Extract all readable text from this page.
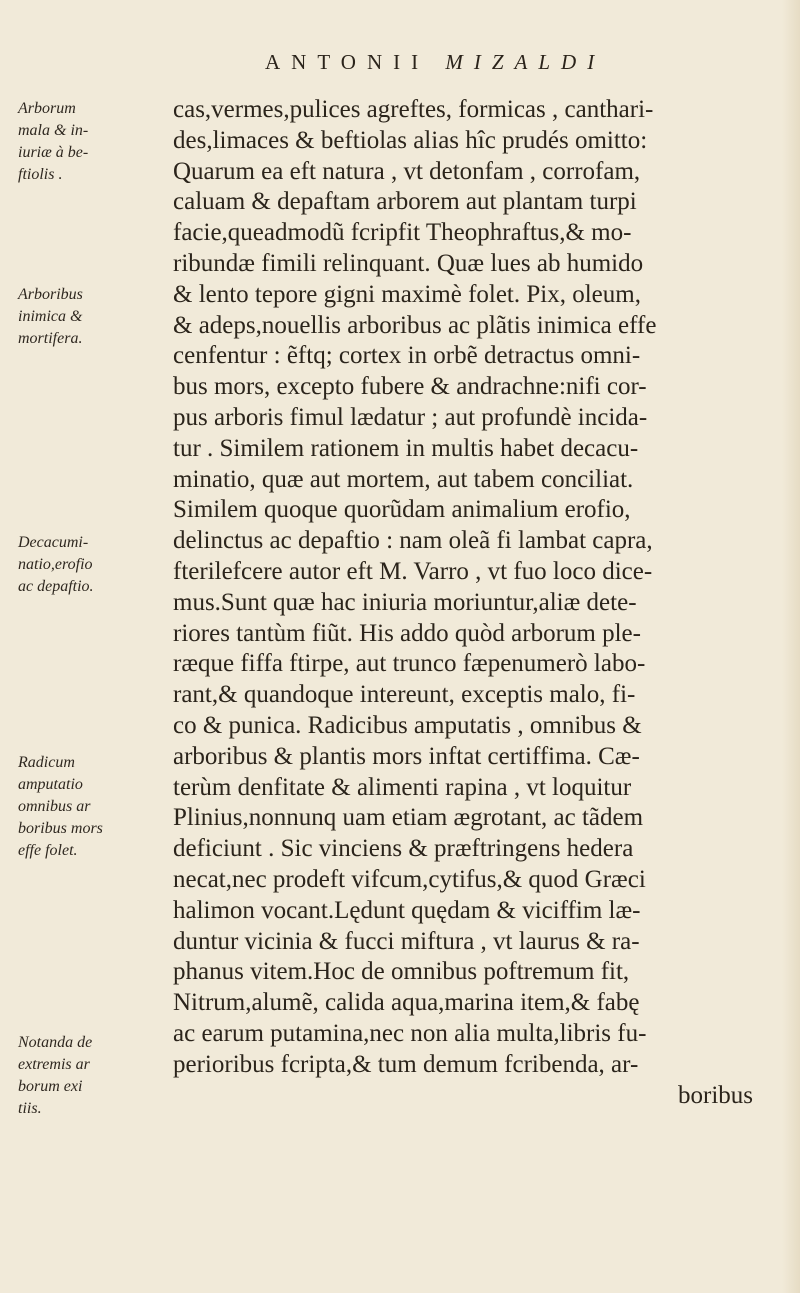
ANTONII MIZALDI
Arborum
mala & in-
iuriæ à be-
ftiolis .
Arboribus
inimica &
mortifera.
Decacumi-
natio,erofio
ac depaftio.
Radicum
amputatio
omnibus ar
boribus mors
effe folet.
Notanda de
extremis ar
borum exi
tiis.
cas,vermes,pulices agreftes, formicas , canthari-
des,limaces & beftiolas alias hîc prudés omitto:
Quarum ea eft natura , vt detonfam , corrofam,
caluam & depaftam arborem aut plantam turpi
facie,queadmodũ fcripfit Theophraftus,& mo-
ribundæ fimili relinquant. Quæ lues ab humido
& lento tepore gigni maximè folet. Pix, oleum,
& adeps,nouellis arboribus ac plãtis inimica effe
cenfentur : ẽftq; cortex in orbẽ detractus omni-
bus mors, excepto fubere & andrachne:nifi cor-
pus arboris fimul lædatur ; aut profundè incida-
tur . Similem rationem in multis habet decacu-
minatio, quæ aut mortem, aut tabem conciliat.
Similem quoque quorũdam animalium erofio,
delinctus ac depaftio : nam oleã fi lambat capra,
fterilefcere autor eft M. Varro , vt fuo loco dice-
mus.Sunt quæ hac iniuria moriuntur,aliæ dete-
riores tantùm fiũt. His addo quòd arborum ple-
ræque fiffa ftirpe, aut trunco fæpenumerò labo-
rant,& quandoque intereunt, exceptis malo, fi-
co & punica. Radicibus amputatis , omnibus &
arboribus & plantis mors inftat certiffima. Cæ-
terùm denfitate & alimenti rapina , vt loquitur
Plinius,nonnunq uam etiam ægrotant, ac tãdem
deficiunt . Sic vinciens & præftringens hedera
necat,nec prodeft vifcum,cytifus,& quod Græci
halimon vocant.Lędunt quędam & viciffim læ-
duntur vicinia & fucci miftura , vt laurus & ra-
phanus vitem.Hoc de omnibus poftremum fit,
Nitrum,alumẽ, calida aqua,marina item,& fabę
ac earum putamina,nec non alia multa,libris fu-
perioribus fcripta,& tum demum fcribenda, ar-
boribus
